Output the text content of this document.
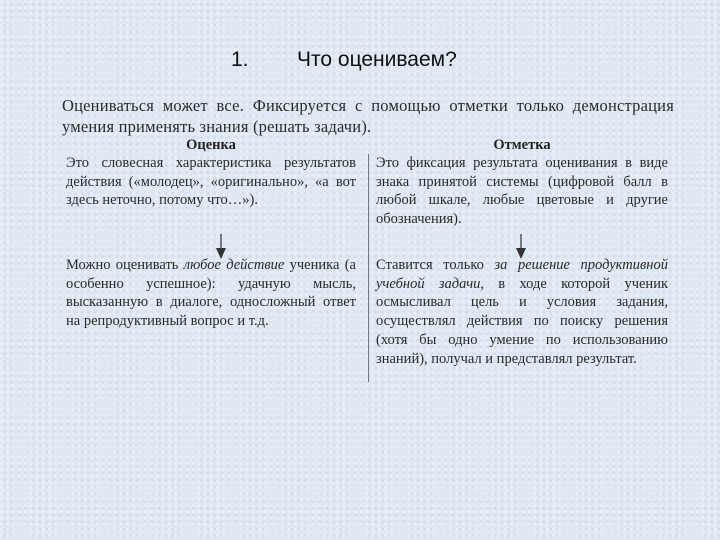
1. Что оцениваем?
Оцениваться может все. Фиксируется с помощью отметки только демонстрация умения применять знания (решать задачи).
Оценка
Это словесная характеристика результатов действия («молодец», «оригинально», «а вот здесь неточно, потому что…»).
Можно оценивать любое действие ученика (а особенно успешное): удачную мысль, высказанную в диалоге, односложный ответ на репродуктивный вопрос и т.д.
Отметка
Это фиксация результата оценивания в виде знака принятой системы (цифровой балл в любой шкале, любые цветовые и другие обозначения).
Ставится только за решение продуктивной учебной задачи, в ходе которой ученик осмысливал цель и условия задания, осуществлял действия по поиску решения (хотя бы одно умение по использованию знаний), получал и представлял результат.
